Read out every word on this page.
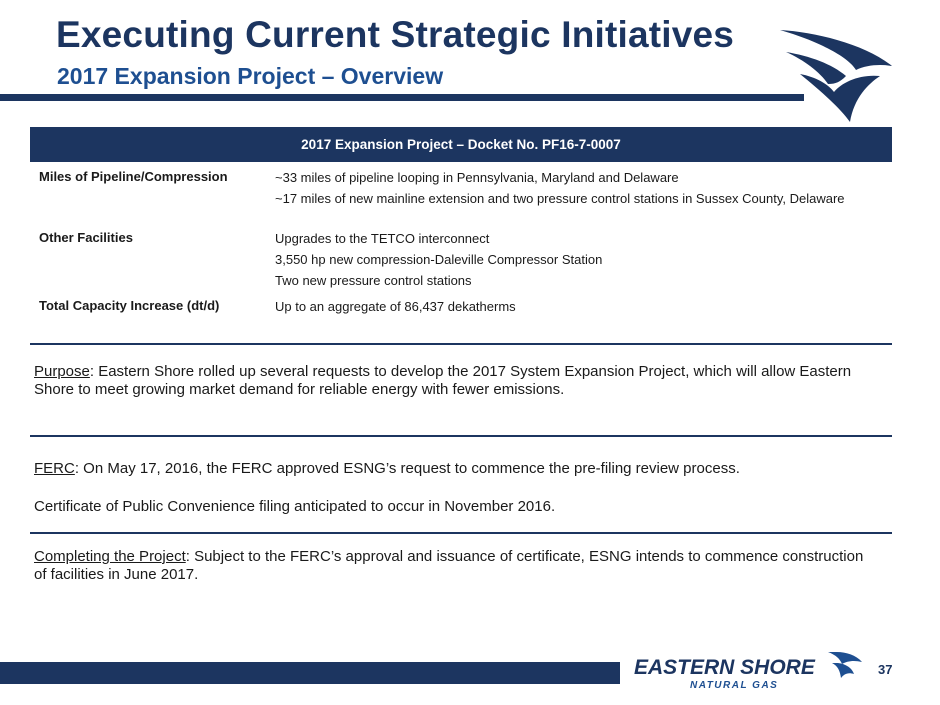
Executing Current Strategic Initiatives
2017 Expansion Project – Overview
2017 Expansion Project – Docket No. PF16-7-0007
Miles of Pipeline/Compression	~33 miles of pipeline looping in Pennsylvania, Maryland and Delaware
~17 miles of new mainline extension and two pressure control stations in Sussex County, Delaware
Other Facilities	Upgrades to the TETCO interconnect
3,550 hp new compression-Daleville Compressor Station
Two new pressure control stations
Total Capacity Increase (dt/d)	Up to an aggregate of 86,437 dekatherms
Purpose: Eastern Shore rolled up several requests to develop the 2017 System Expansion Project, which will allow Eastern Shore to meet growing market demand for reliable energy with fewer emissions.
FERC: On May 17, 2016, the FERC approved ESNG’s request to commence the pre-filing review process.
Certificate of Public Convenience filing anticipated to occur in November 2016.
Completing the Project: Subject to the FERC’s approval and issuance of certificate, ESNG intends to commence construction of facilities in June 2017.
EASTERN SHORE
NATURAL GAS
37
